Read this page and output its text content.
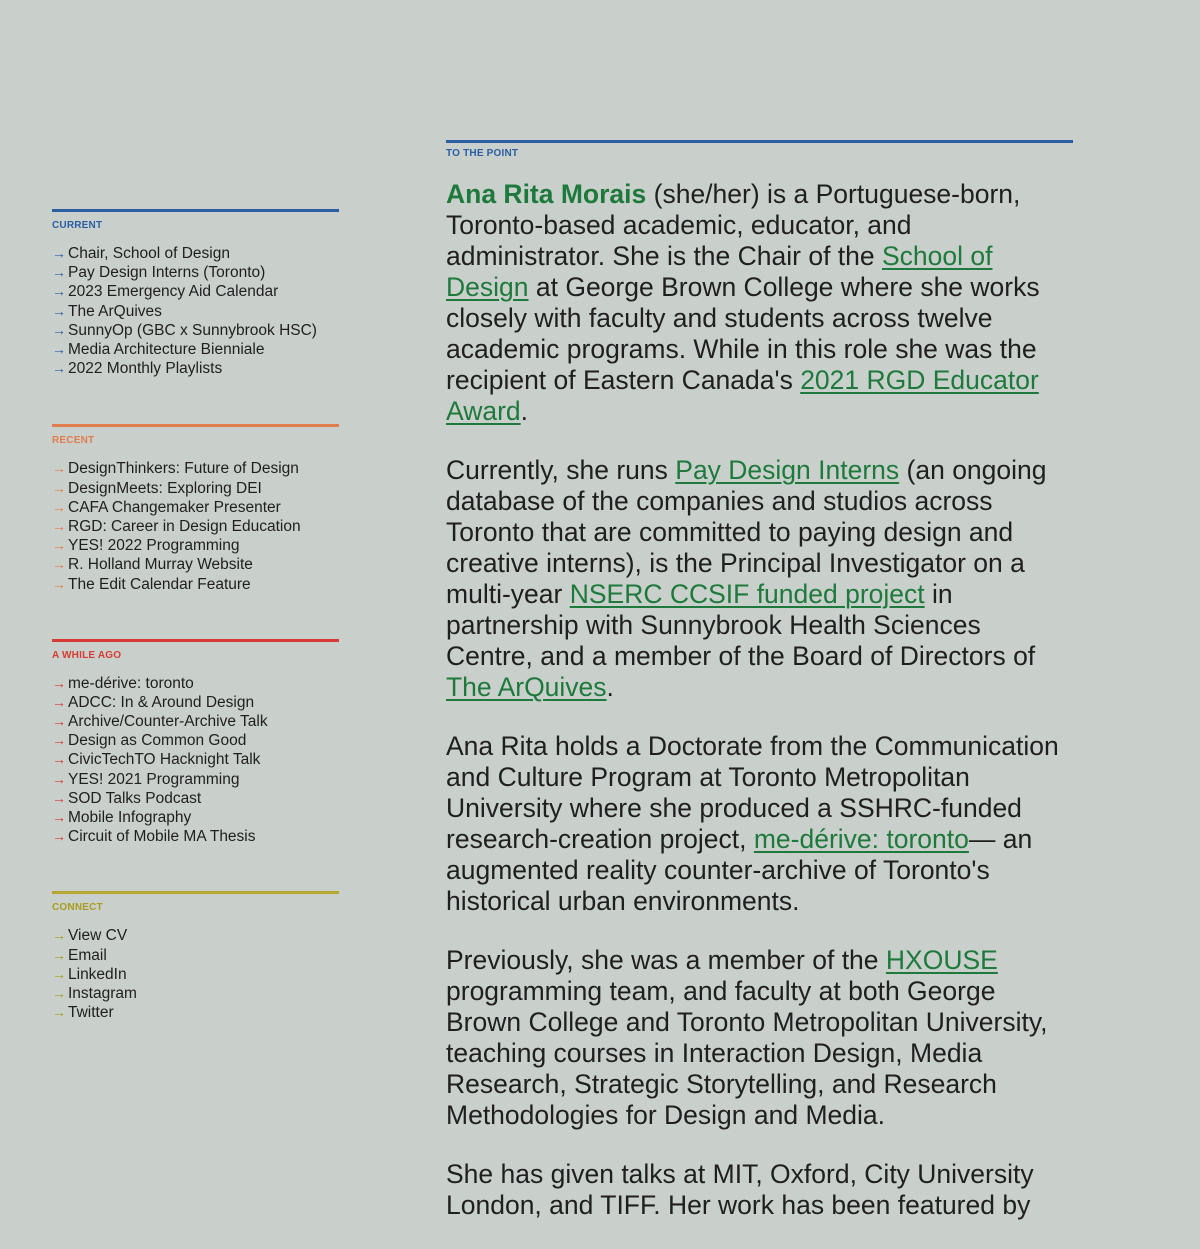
CURRENT
→ Chair, School of Design
→ Pay Design Interns (Toronto)
→ 2023 Emergency Aid Calendar
→ The ArQuives
→ SunnyOp (GBC x Sunnybrook HSC)
→ Media Architecture Bienniale
→ 2022 Monthly Playlists
RECENT
→ DesignThinkers: Future of Design
→ DesignMeets: Exploring DEI
→ CAFA Changemaker Presenter
→ RGD: Career in Design Education
→ YES! 2022 Programming
→ R. Holland Murray Website
→ The Edit Calendar Feature
A WHILE AGO
→ me-dérive: toronto
→ ADCC: In & Around Design
→ Archive/Counter-Archive Talk
→ Design as Common Good
→ CivicTechTO Hacknight Talk
→ YES! 2021 Programming
→ SOD Talks Podcast
→ Mobile Infography
→ Circuit of Mobile MA Thesis
CONNECT
→ View CV
→ Email
→ LinkedIn
→ Instagram
→ Twitter
TO THE POINT

Ana Rita Morais (she/her) is a Portuguese-born, Toronto-based academic, educator, and administrator. She is the Chair of the School of Design at George Brown College where she works closely with faculty and students across twelve academic programs. While in this role she was the recipient of Eastern Canada's 2021 RGD Educator Award.

Currently, she runs Pay Design Interns (an ongoing database of the companies and studios across Toronto that are committed to paying design and creative interns), is the Principal Investigator on a multi-year NSERC CCSIF funded project in partnership with Sunnybrook Health Sciences Centre, and a member of the Board of Directors of The ArQuives.

Ana Rita holds a Doctorate from the Communication and Culture Program at Toronto Metropolitan University where she produced a SSHRC-funded research-creation project, me-dérive: toronto— an augmented reality counter-archive of Toronto's historical urban environments.

Previously, she was a member of the HXOUSE programming team, and faculty at both George Brown College and Toronto Metropolitan University, teaching courses in Interaction Design, Media Research, Strategic Storytelling, and Research Methodologies for Design and Media.

She has given talks at MIT, Oxford, City University London, and TIFF. Her work has been featured by
